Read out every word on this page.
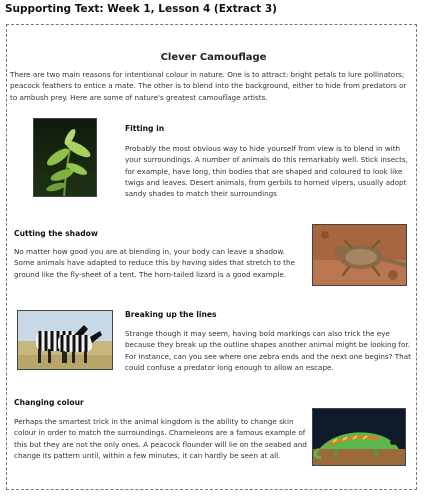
Supporting Text: Week 1, Lesson 4 (Extract 3)
Clever Camouflage

There are two main reasons for intentional colour in nature. One is to attract: bright petals to lure pollinators; peacock feathers to entice a mate. The other is to blend into the background, either to hide from predators or to ambush prey. Here are some of nature's greatest camouflage artists.

Fitting in

Probably the most obvious way to hide yourself from view is to blend in with your surroundings. A number of animals do this remarkably well. Stick insects, for example, have long, thin bodies that are shaped and coloured to look like twigs and leaves. Desert animals, from gerbils to horned vipers, usually adopt sandy shades to match their surroundings

Cutting the shadow

No matter how good you are at blending in, your body can leave a shadow. Some animals have adapted to reduce this by having sides that stretch to the ground like the fly-sheet of a tent. The horn-tailed lizard is a good example.

Breaking up the lines

Strange though it may seem, having bold markings can also trick the eye because they break up the outline shapes another animal might be looking for. For instance, can you see where one zebra ends and the next one begins? That could confuse a predator long enough to allow an escape.

Changing colour

Perhaps the smartest trick in the animal kingdom is the ability to change skin colour in order to match the surroundings. Chameleons are a famous example of this but they are not the only ones. A peacock flounder will lie on the seabed and change its pattern until, within a few minutes, it can hardly be seen at all.
